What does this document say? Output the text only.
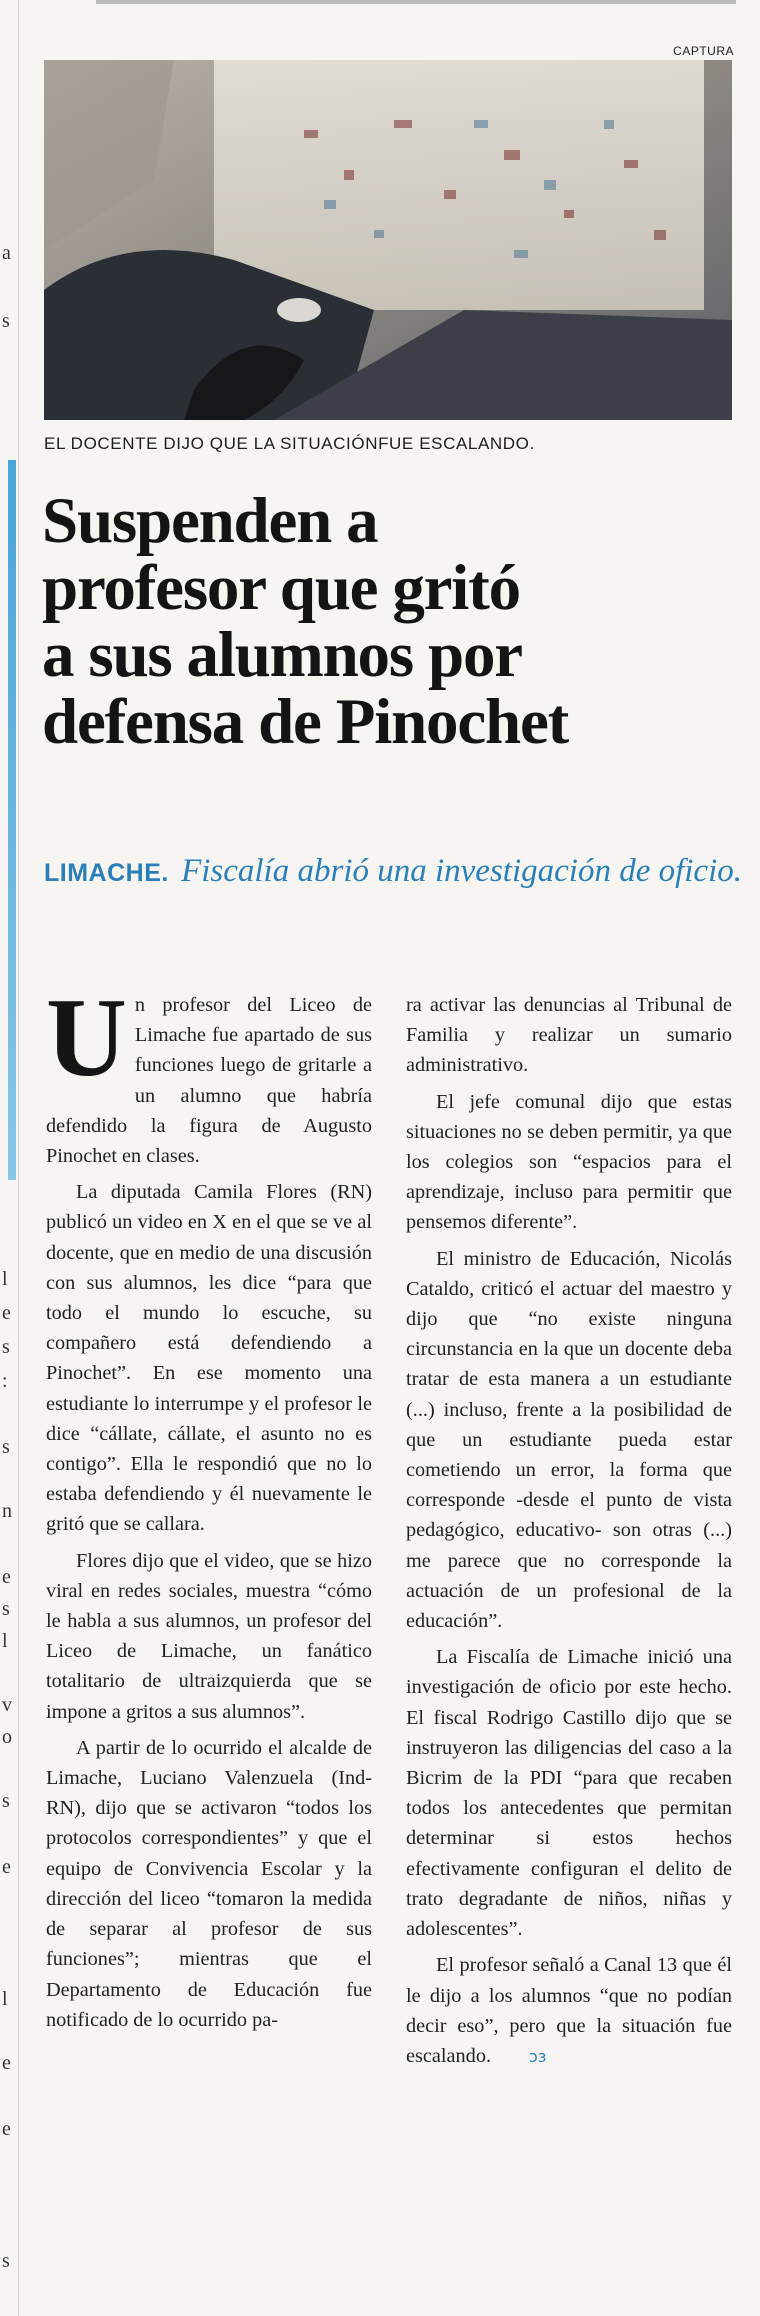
a
s
l
e
s
:
s
n
e
s
l
v
o
s
e
l
e
e
s
CAPTURA
EL DOCENTE DIJO QUE LA SITUACIÓNFUE ESCALANDO.
Suspenden a
profesor que gritó
a sus alumnos por
defensa de Pinochet
LIMACHE. Fiscalía abrió una investigación de oficio.

Un profesor del Liceo de Limache fue apartado de sus funciones luego de gritarle a un alumno que habría defendido la figura de Augusto Pinochet en clases.

La diputada Camila Flores (RN) publicó un video en X en el que se ve al docente, que en medio de una discusión con sus alumnos, les dice “para que todo el mundo lo escuche, su compañero está defendiendo a Pinochet”. En ese momento una estudiante lo interrumpe y el profesor le dice “cállate, cállate, el asunto no es contigo”. Ella le respondió que no lo estaba defendiendo y él nuevamente le gritó que se callara.

Flores dijo que el video, que se hizo viral en redes sociales, muestra “cómo le habla a sus alumnos, un profesor del Liceo de Limache, un fanático totalitario de ultraizquierda que se impone a gritos a sus alumnos”.

A partir de lo ocurrido el alcalde de Limache, Luciano Valenzuela (Ind-RN), dijo que se activaron “todos los protocolos correspondientes” y que el equipo de Convivencia Escolar y la dirección del liceo “tomaron la medida de separar al profesor de sus funciones”; mientras que el Departamento de Educación fue notificado de lo ocurrido pa-

ra activar las denuncias al Tribunal de Familia y realizar un sumario administrativo.

El jefe comunal dijo que estas situaciones no se deben permitir, ya que los colegios son “espacios para el aprendizaje, incluso para permitir que pensemos diferente”.

El ministro de Educación, Nicolás Cataldo, criticó el actuar del maestro y dijo que “no existe ninguna circunstancia en la que un docente deba tratar de esta manera a un estudiante (...) incluso, frente a la posibilidad de que un estudiante pueda estar cometiendo un error, la forma que corresponde -desde el punto de vista pedagógico, educativo- son otras (...) me parece que no corresponde la actuación de un profesional de la educación”.

La Fiscalía de Limache inició una investigación de oficio por este hecho. El fiscal Rodrigo Castillo dijo que se instruyeron las diligencias del caso a la Bicrim de la PDI “para que recaben todos los antecedentes que permitan determinar si estos hechos efectivamente configuran el delito de trato degradante de niños, niñas y adolescentes”.

El profesor señaló a Canal 13 que él le dijo a los alumnos “que no podían decir eso”, pero que la situación fue escalando. ↄз
